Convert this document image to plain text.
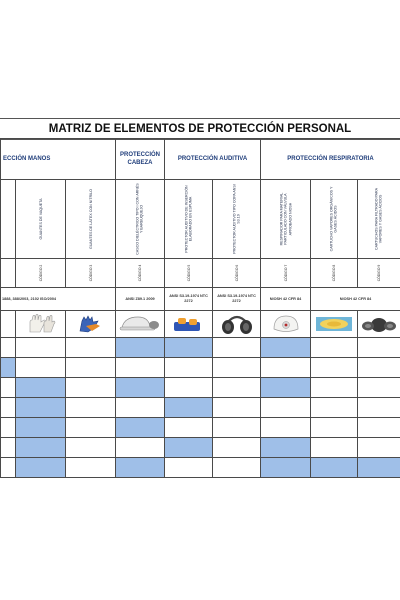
MATRIZ DE ELEMENTOS DE PROTECCIÓN PERSONAL
ECCIÓN MANOS			PROTECCIÓN CABEZA	PROTECCIÓN AUDITIVA		PROTECCIÓN RESPIRATORIA		

	GUANTES DE VAQUETA	GUANTES DE LÁTEX CON NITRILO	CASCO DIELÉCTRICO TIPO I CON ARNÉS Y BARBUQUEJO	PROTECTOR AUDITIVO DE INSERCIÓN ELABORADO EN ESPUMA	PROTECTOR AUDITIVO TIPO COPA ANSI S3.19	RESPIRADOR PARA MATERIAL PARTICULADO CON VÁLVULA APROBADO NIOSH	CARTUCHO VAPORES ORGÁNICOS Y GASES ÁCIDOS	CARTUCHOS PARA FILTRADO PARA VAPORES Y GASES ÁCIDOS

	CÓDIGO 2	CÓDIGO 3	CÓDIGO 4	CÓDIGO 5	CÓDIGO 6	CÓDIGO 7	CÓDIGO 8	CÓDIGO 9

1888, 388/2003, 2102 ISO/2004			ANSI Z89.1 2009	ANSI S3.19-1974 NTC 2272	ANSI S3.19-1974 NTC 2272	NIOSH 42 CFR 84	NIOSH 42 CFR 84	
